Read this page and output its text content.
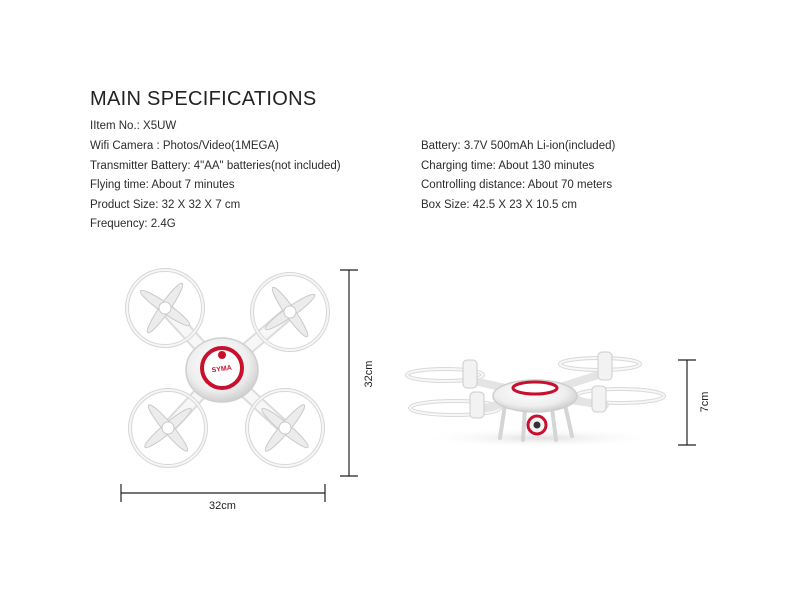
MAIN SPECIFICATIONS
IItem No.: X5UW
Wifi Camera : Photos/Video(1MEGA)
Transmitter Battery: 4"AA" batteries(not included)
Flying time: About 7 minutes
Product Size: 32 X 32 X 7 cm
Frequency: 2.4G
Battery: 3.7V 500mAh Li-ion(included)
Charging time: About 130 minutes
Controlling distance: About 70 meters
Box Size: 42.5 X 23 X 10.5 cm
SYMA
32cm
32cm
7cm
